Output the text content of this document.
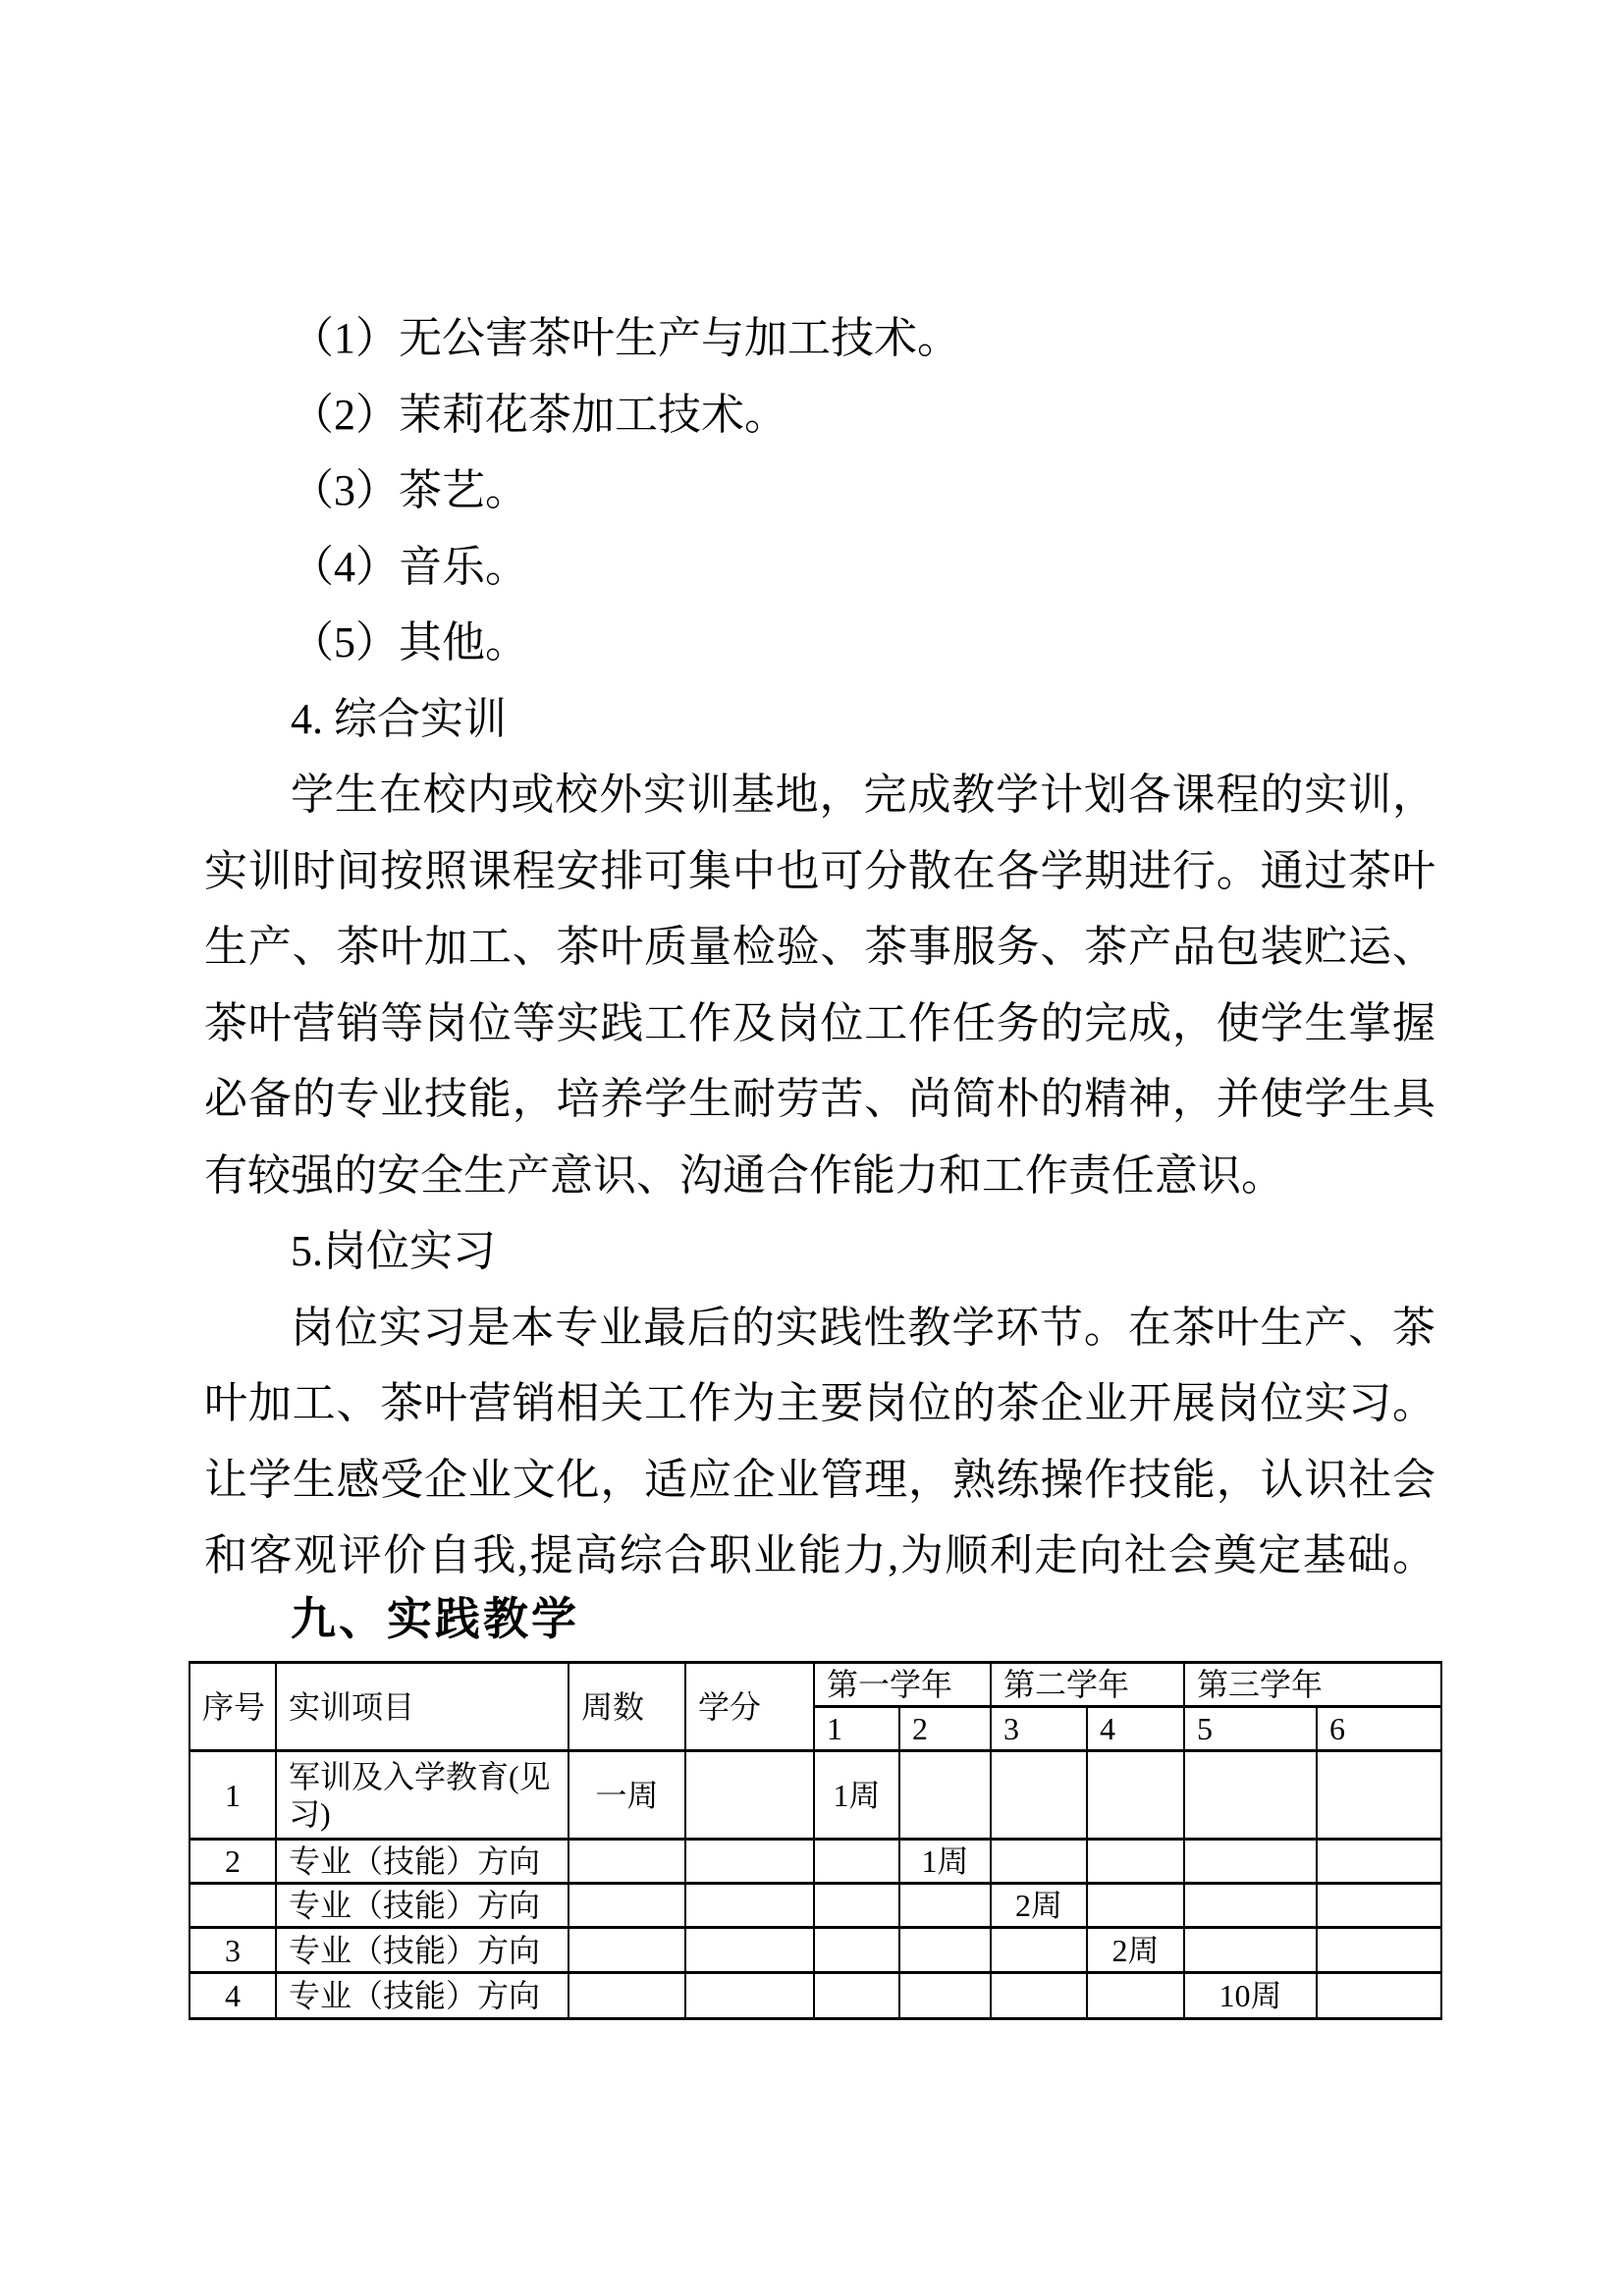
（1）无公害茶叶生产与加工技术。
（2）茉莉花茶加工技术。
（3）茶艺。
（4）音乐。
（5）其他。
4. 综合实训
学生在校内或校外实训基地，完成教学计划各课程的实训，
实训时间按照课程安排可集中也可分散在各学期进行。通过茶叶
生产、茶叶加工、茶叶质量检验、茶事服务、茶产品包装贮运、
茶叶营销等岗位等实践工作及岗位工作任务的完成，使学生掌握
必备的专业技能，培养学生耐劳苦、尚简朴的精神，并使学生具
有较强的安全生产意识、沟通合作能力和工作责任意识。
5.岗位实习
岗位实习是本专业最后的实践性教学环节。在茶叶生产、茶
叶加工、茶叶营销相关工作为主要岗位的茶企业开展岗位实习。
让学生感受企业文化，适应企业管理，熟练操作技能，认识社会
和客观评价自我,提高综合职业能力,为顺利走向社会奠定基础。
九、实践教学
序号	实训项目	周数	学分	第一学年		第二学年		第三学年	
				1	2	3	4	5	6
1	军训及入学教育(见习)	一周		1周					
2	专业（技能）方向				1周				
	专业（技能）方向					2周			
3	专业（技能）方向						2周		
4	专业（技能）方向							10周	
